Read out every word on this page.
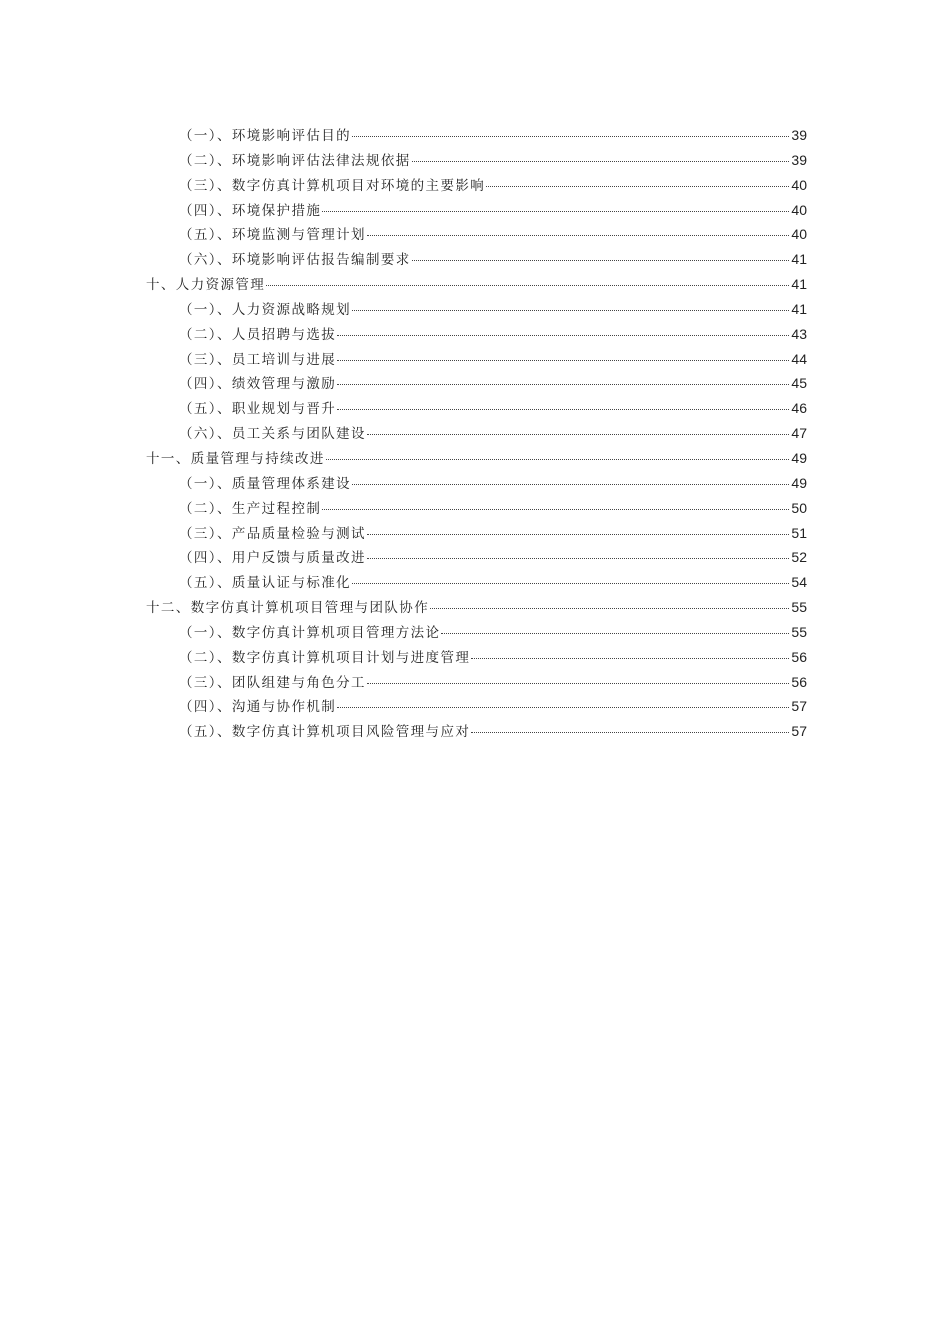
（一）、环境影响评估目的	39
（二）、环境影响评估法律法规依据	39
（三）、数字仿真计算机项目对环境的主要影响	40
（四）、环境保护措施	40
（五）、环境监测与管理计划	40
（六）、环境影响评估报告编制要求	41
十、人力资源管理	41
（一）、人力资源战略规划	41
（二）、人员招聘与选拔	43
（三）、员工培训与进展	44
（四）、绩效管理与激励	45
（五）、职业规划与晋升	46
（六）、员工关系与团队建设	47
十一、质量管理与持续改进	49
（一）、质量管理体系建设	49
（二）、生产过程控制	50
（三）、产品质量检验与测试	51
（四）、用户反馈与质量改进	52
（五）、质量认证与标准化	54
十二、数字仿真计算机项目管理与团队协作	55
（一）、数字仿真计算机项目管理方法论	55
（二）、数字仿真计算机项目计划与进度管理	56
（三）、团队组建与角色分工	56
（四）、沟通与协作机制	57
（五）、数字仿真计算机项目风险管理与应对	57
